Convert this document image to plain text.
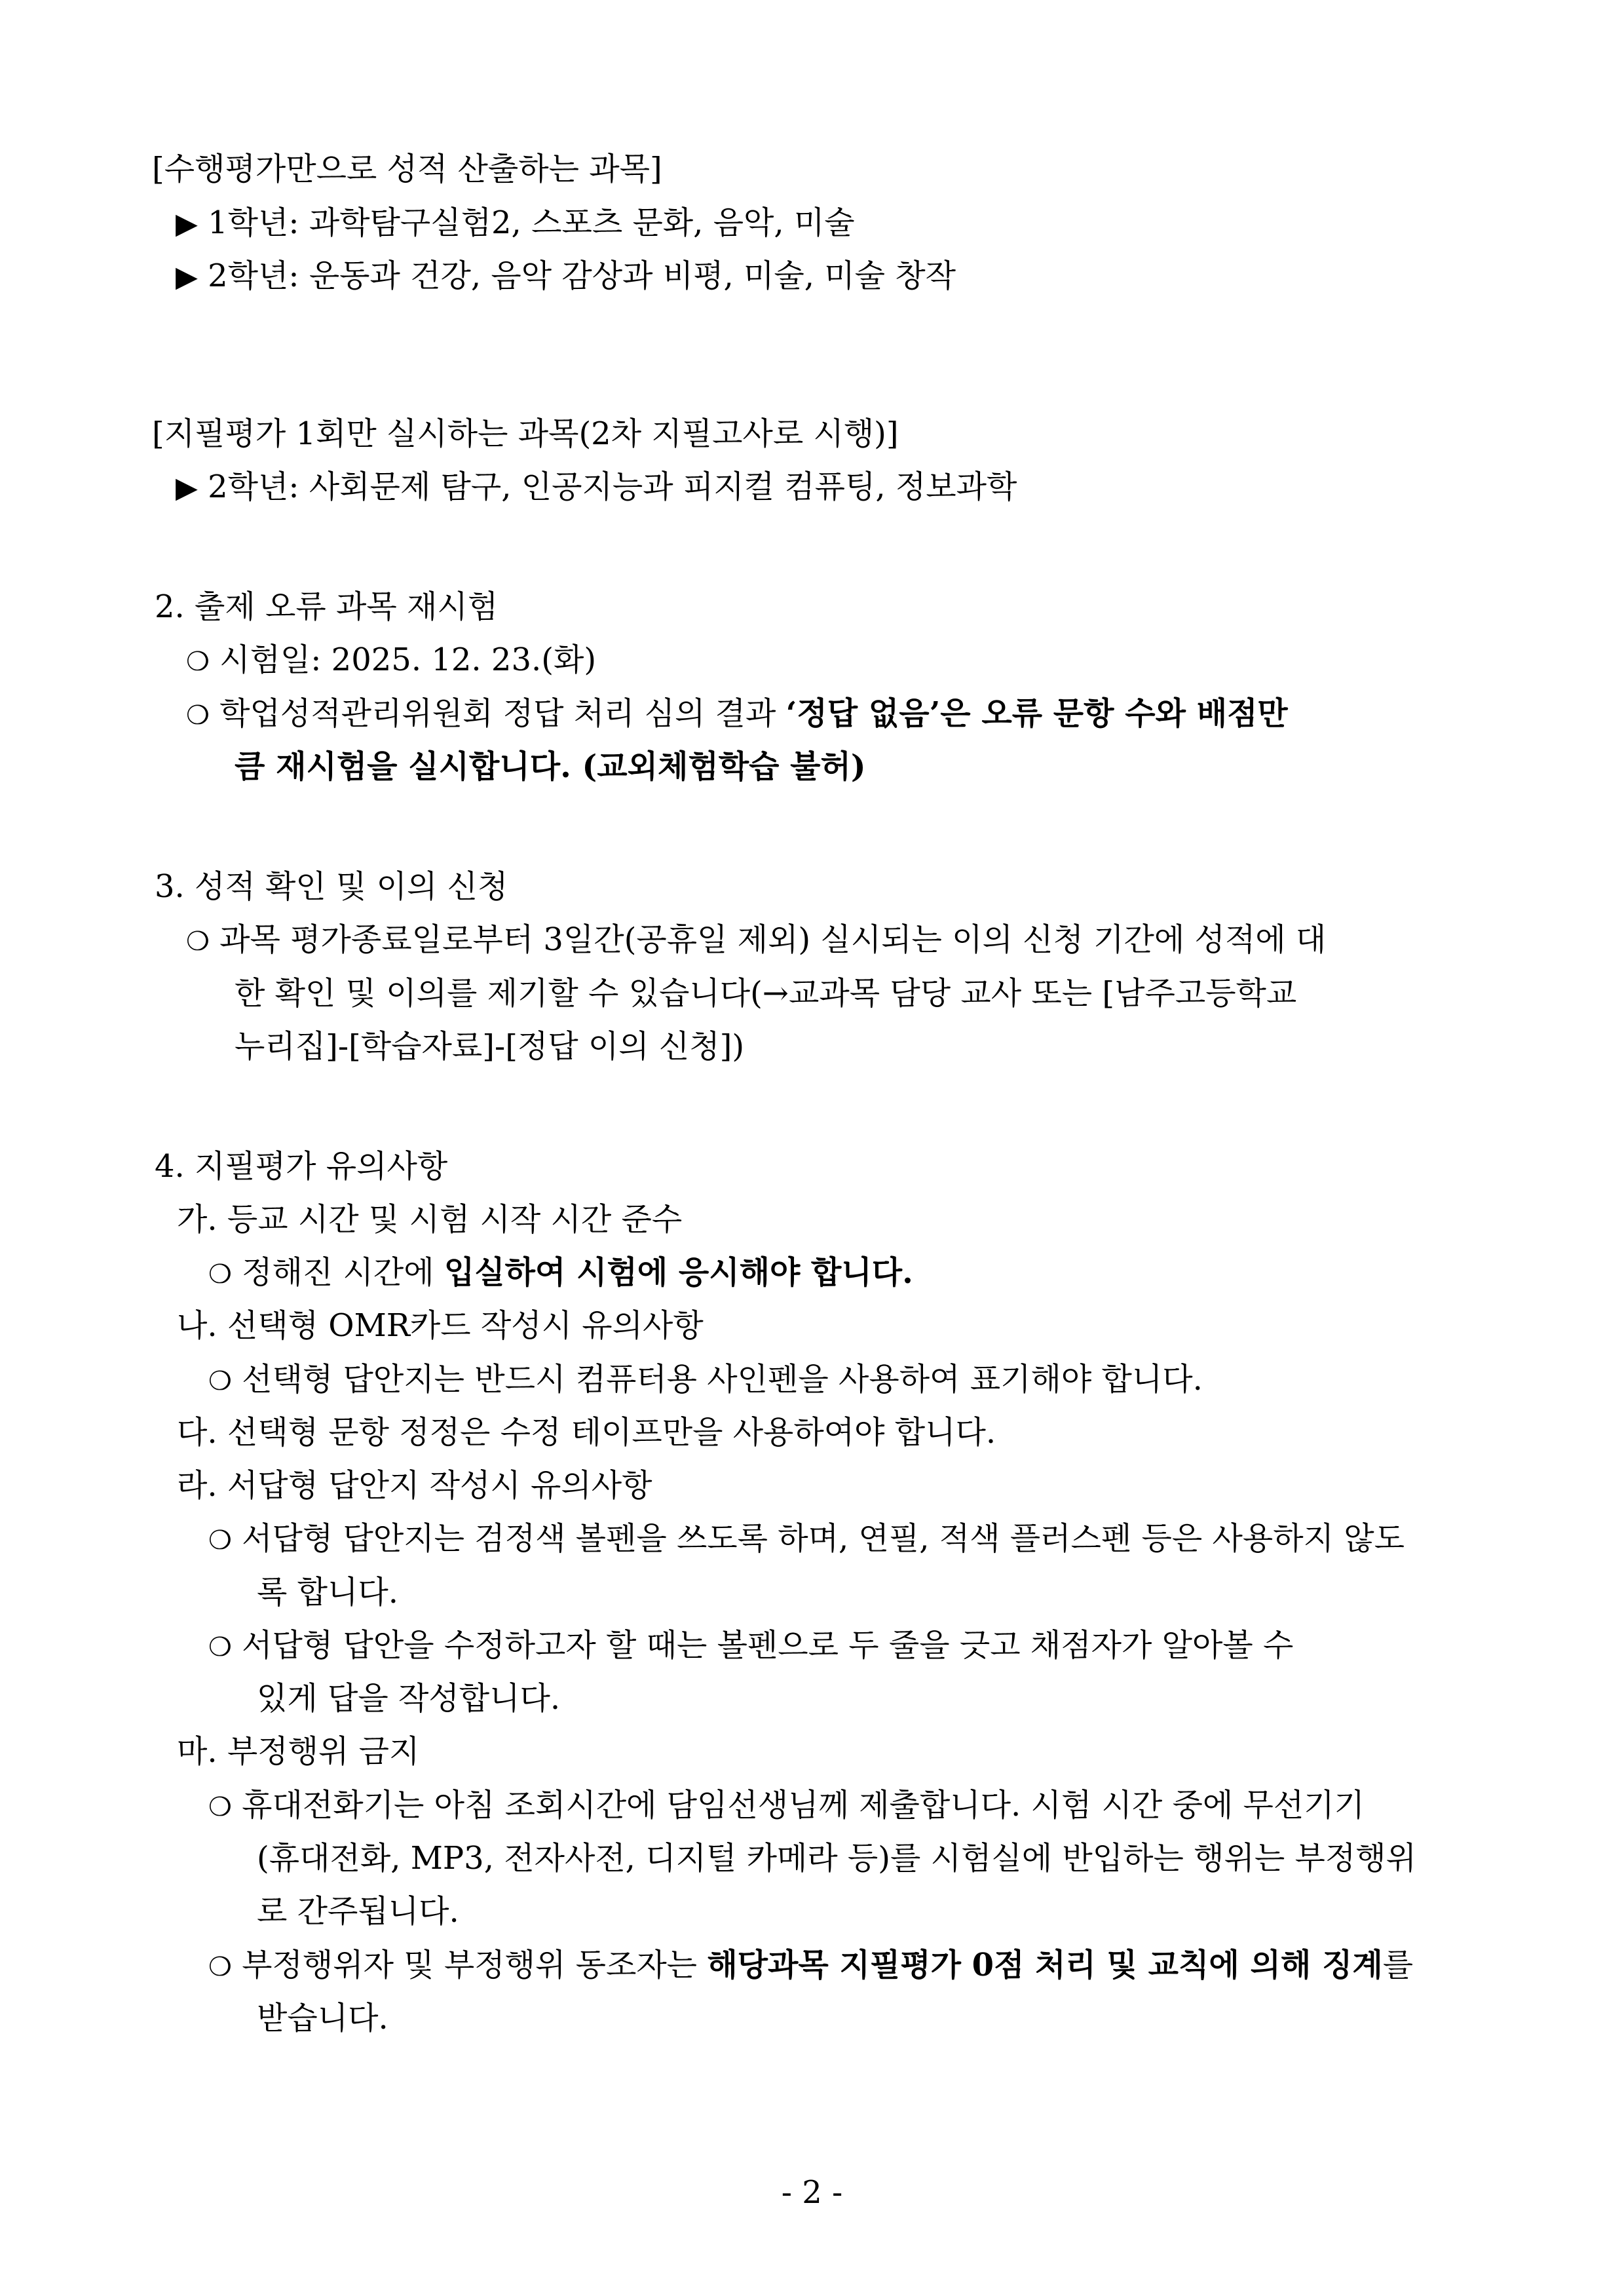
[수행평가만으로 성적 산출하는 과목]
▶ 1학년: 과학탐구실험2, 스포츠 문화, 음악, 미술
▶ 2학년: 운동과 건강, 음악 감상과 비평, 미술, 미술 창작
[지필평가 1회만 실시하는 과목(2차 지필고사로 시행)]
▶ 2학년: 사회문제 탐구, 인공지능과 피지컬 컴퓨팅, 정보과학
2. 출제 오류 과목 재시험
❍ 시험일: 2025. 12. 23.(화)
❍ 학업성적관리위원회 정답 처리 심의 결과 ‘정답 없음’은 오류 문항 수와 배점만
큼 재시험을 실시합니다. (교외체험학습 불허)
3. 성적 확인 및 이의 신청
❍ 과목 평가종료일로부터 3일간(공휴일 제외) 실시되는 이의 신청 기간에 성적에 대
한 확인 및 이의를 제기할 수 있습니다(→교과목 담당 교사 또는 [남주고등학교
누리집]-[학습자료]-[정답 이의 신청])
4. 지필평가 유의사항
가. 등교 시간 및 시험 시작 시간 준수
❍ 정해진 시간에 입실하여 시험에 응시해야 합니다.
나. 선택형 OMR카드 작성시 유의사항
❍ 선택형 답안지는 반드시 컴퓨터용 사인펜을 사용하여 표기해야 합니다.
다. 선택형 문항 정정은 수정 테이프만을 사용하여야 합니다.
라. 서답형 답안지 작성시 유의사항
❍ 서답형 답안지는 검정색 볼펜을 쓰도록 하며, 연필, 적색 플러스펜 등은 사용하지 않도
록 합니다.
❍ 서답형 답안을 수정하고자 할 때는 볼펜으로 두 줄을 긋고 채점자가 알아볼 수
있게 답을 작성합니다.
마. 부정행위 금지
❍ 휴대전화기는 아침 조회시간에 담임선생님께 제출합니다. 시험 시간 중에 무선기기
(휴대전화, MP3, 전자사전, 디지털 카메라 등)를 시험실에 반입하는 행위는 부정행위
로 간주됩니다.
❍ 부정행위자 및 부정행위 동조자는 해당과목 지필평가 0점 처리 및 교칙에 의해 징계를
받습니다.
- 2 -
